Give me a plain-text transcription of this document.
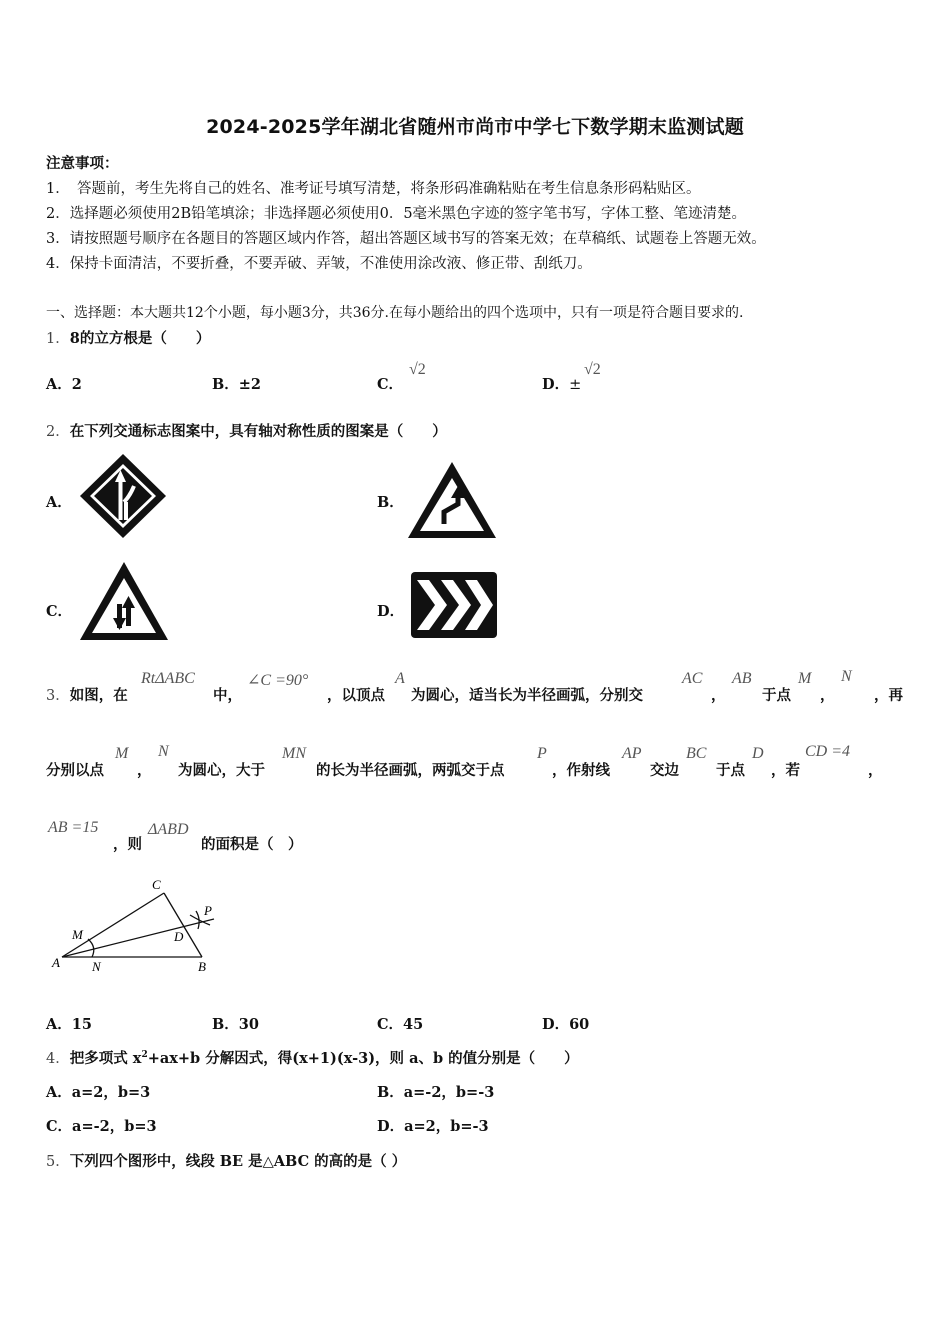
2024-2025学年湖北省随州市尚市中学七下数学期末监测试题
注意事项：
1．　答题前，考生先将自己的姓名、准考证号填写清楚，将条形码准确粘贴在考生信息条形码粘贴区。
2．选择题必须使用2B铅笔填涂；非选择题必须使用0．5毫米黑色字迹的签字笔书写，字体工整、笔迹清楚。
3．请按照题号顺序在各题目的答题区域内作答，超出答题区域书写的答案无效；在草稿纸、试题卷上答题无效。
4．保持卡面清洁，不要折叠，不要弄破、弄皱，不准使用涂改液、修正带、刮纸刀。
一、选择题：本大题共12个小题，每小题3分，共36分.在每小题给出的四个选项中，只有一项是符合题目要求的.
1．8的立方根是（　　）
A．2	B．±2	C．
√2
D．±
√2
2．在下列交通标志图案中，具有轴对称性质的图案是（　　）
A．	B．
C．	D．
3．如图，在
RtΔABC
中，
∠C =90°
，以顶点
A
为圆心，适当长为半径画弧，分别交
AC
，
AB
于点
M
，
N
，再
分别以点
M
，
N
为圆心，大于
MN
的长为半径画弧，两弧交于点
P
，作射线
AP
交边
BC
于点
D
，若
CD =4
，
AB =15
，则
ΔABD
的面积是（　）
A	B
C
D
M
N
P
A．15	B．30	C．45	D．60
4．把多项式 $x^2+ax+b$ 分解因式，得(x+1)(x-3)，则 a、b 的值分别是（　　）
A．a=2，b=3	B．a=-2，b=-3
C．a=-2，b=3	D．a=2，b=-3
5．下列四个图形中，线段 BE 是△ABC 的高的是（ ）
